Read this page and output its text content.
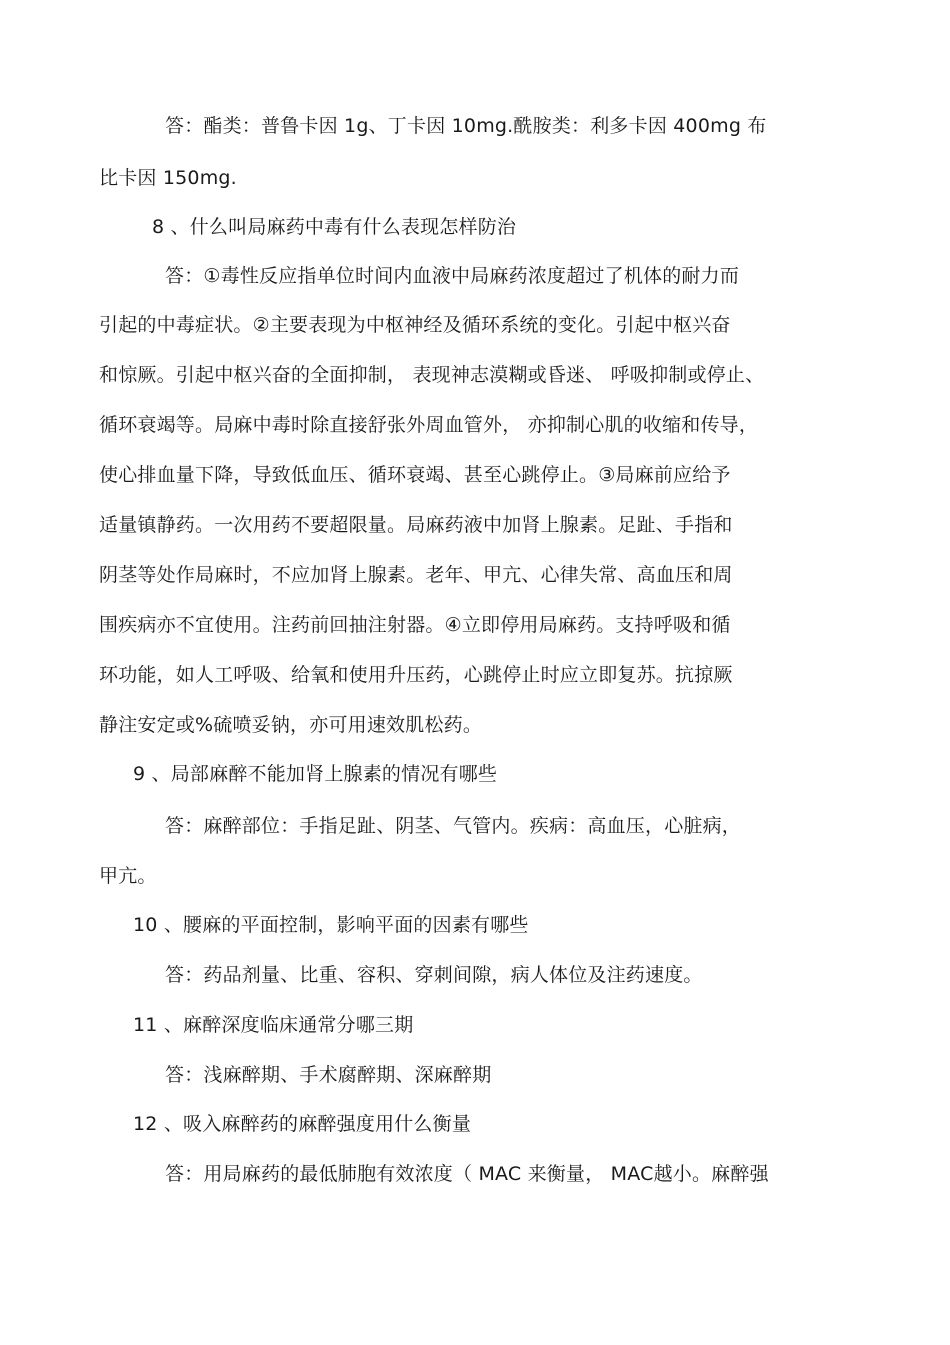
答：酯类：普鲁卡因 1g、丁卡因 10mg.酰胺类：利多卡因 400mg 布
比卡因 150mg.
8 、什么叫局麻药中毒有什么表现怎样防治
答：①毒性反应指单位时间内血液中局麻药浓度超过了机体的耐力而
引起的中毒症状。②主要表现为中枢神经及循环系统的变化。引起中枢兴奋
和惊厥。引起中枢兴奋的全面抑制， 表现神志漠糊或昏迷、 呼吸抑制或停止、
循环衰竭等。局麻中毒时除直接舒张外周血管外， 亦抑制心肌的收缩和传导，
使心排血量下降，导致低血压、循环衰竭、甚至心跳停止。③局麻前应给予
适量镇静药。一次用药不要超限量。局麻药液中加肾上腺素。足趾、手指和
阴茎等处作局麻时，不应加肾上腺素。老年、甲亢、心律失常、高血压和周
围疾病亦不宜使用。注药前回抽注射器。④立即停用局麻药。支持呼吸和循
环功能，如人工呼吸、给氧和使用升压药，心跳停止时应立即复苏。抗掠厥
静注安定或%硫喷妥钠，亦可用速效肌松药。
9 、局部麻醉不能加肾上腺素的情况有哪些
答：麻醉部位：手指足趾、阴茎、气管内。疾病：高血压，心脏病，
甲亢。
10 、腰麻的平面控制，影响平面的因素有哪些
答：药品剂量、比重、容积、穿刺间隙，病人体位及注药速度。
11 、麻醉深度临床通常分哪三期
答：浅麻醉期、手术腐醉期、深麻醉期
12 、吸入麻醉药的麻醉强度用什么衡量
答：用局麻药的最低肺胞有效浓度（ MAC 来衡量， MAC越小。麻醉强
